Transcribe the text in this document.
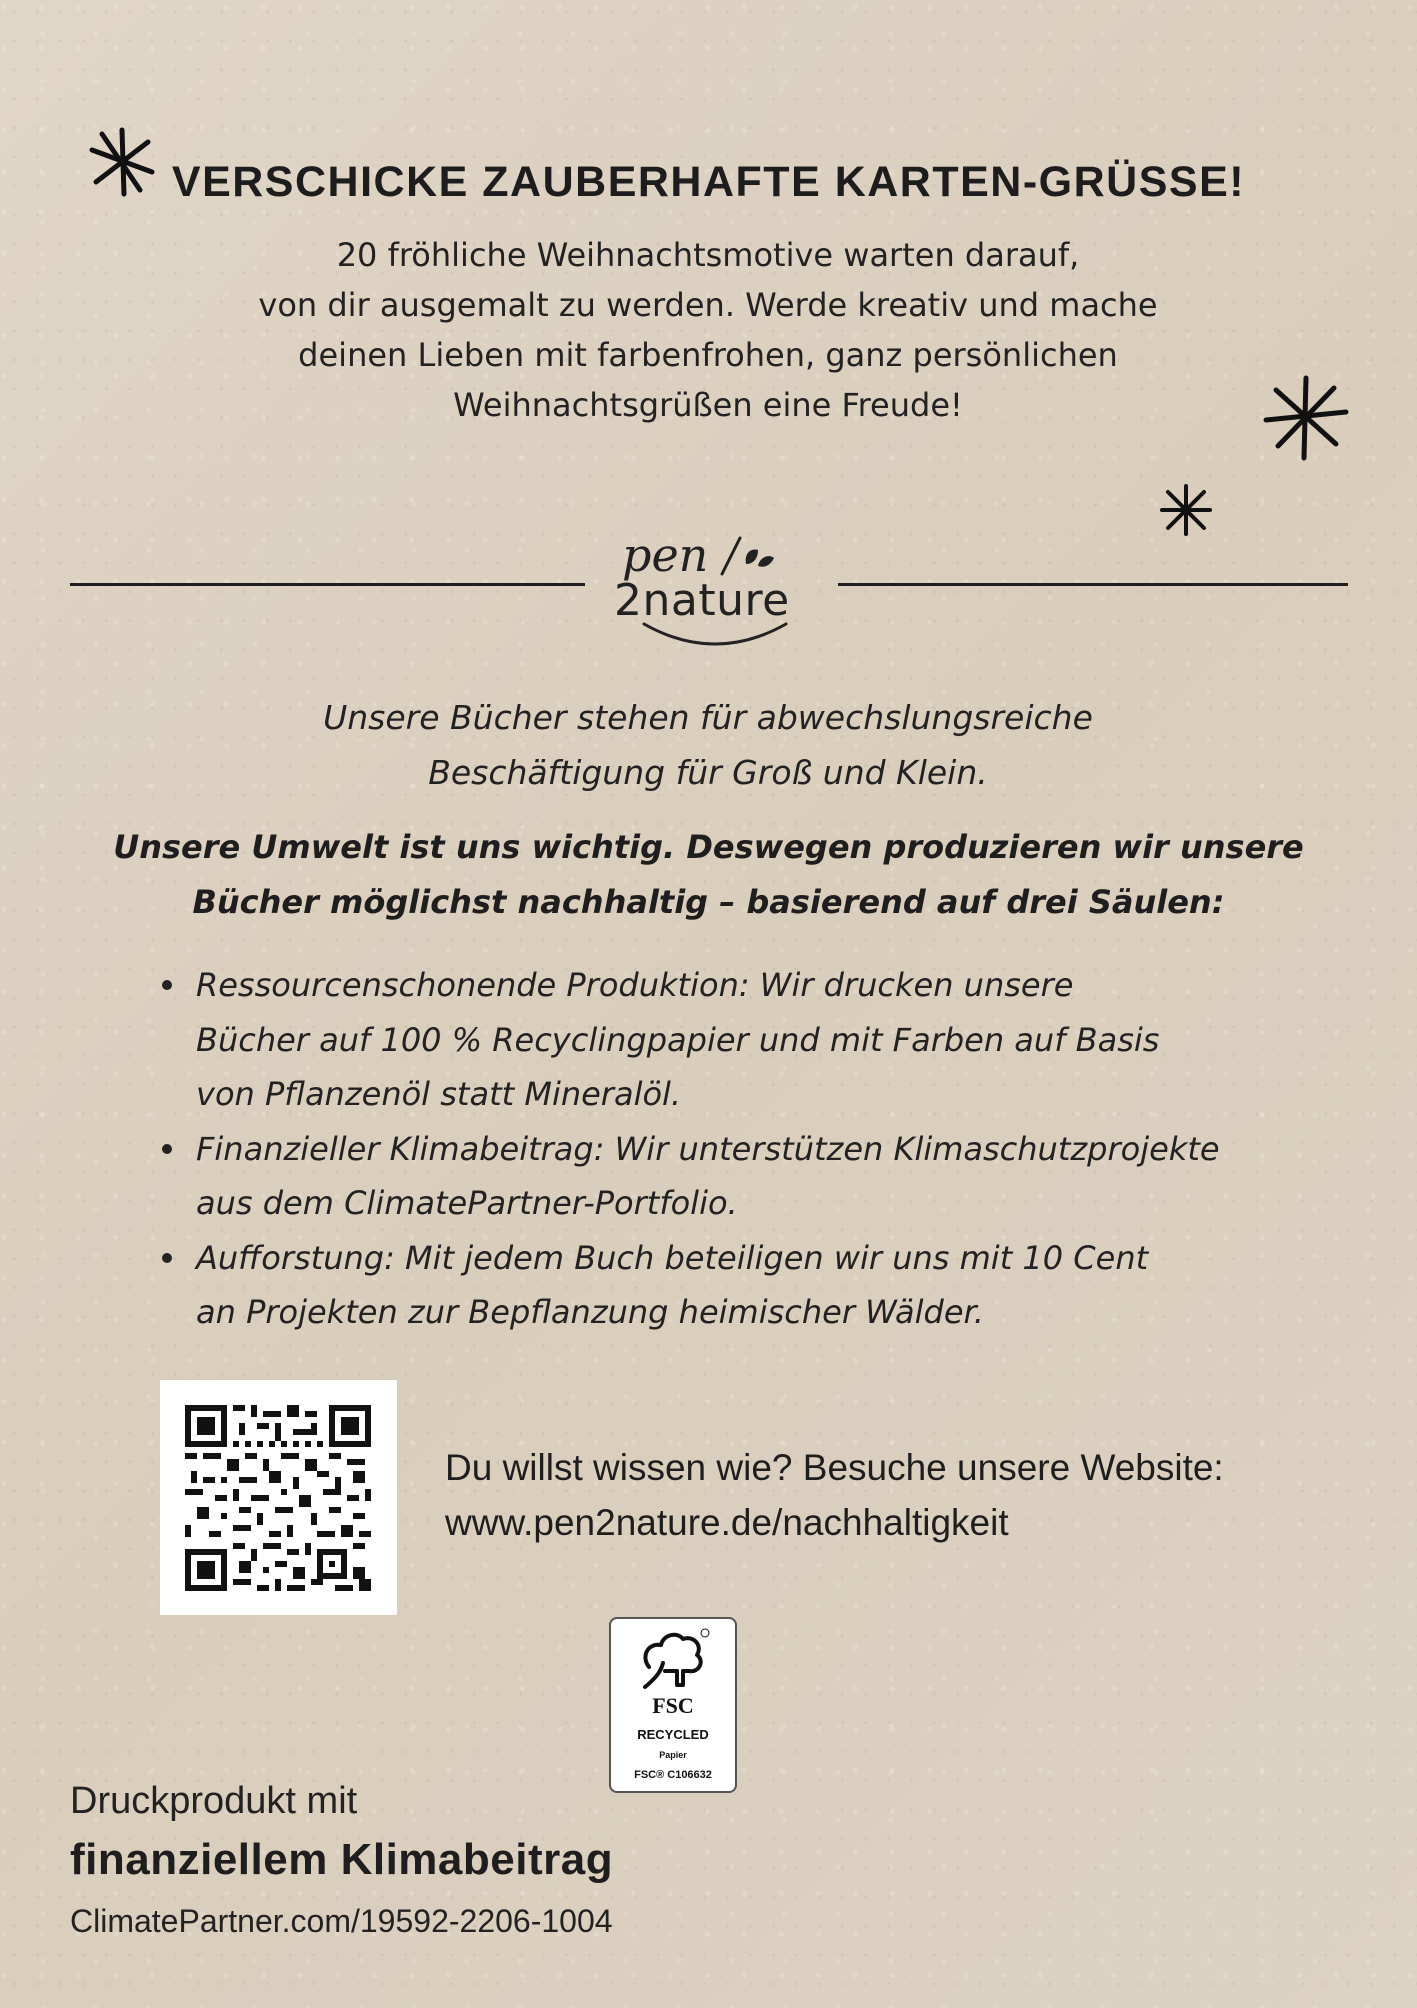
VERSCHICKE ZAUBERHAFTE KARTEN-GRÜSSE!
20 fröhliche Weihnachtsmotive warten darauf,
von dir ausgemalt zu werden. Werde kreativ und mache
deinen Lieben mit farbenfrohen, ganz persönlichen
Weihnachtsgrüßen eine Freude!
pen
2nature
Unsere Bücher stehen für abwechslungsreiche
Beschäftigung für Groß und Klein.
Unsere Umwelt ist uns wichtig. Deswegen produzieren wir unsere
Bücher möglichst nachhaltig – basierend auf drei Säulen:
Ressourcenschonende Produktion: Wir drucken unsere
Bücher auf 100 % Recyclingpapier und mit Farben auf Basis
von Pflanzenöl statt Mineralöl.
Finanzieller Klimabeitrag: Wir unterstützen Klimaschutzprojekte
aus dem ClimatePartner-Portfolio.
Aufforstung: Mit jedem Buch beteiligen wir uns mit 10 Cent
an Projekten zur Bepflanzung heimischer Wälder.
Du willst wissen wie? Besuche unsere Website:
www.pen2nature.de/nachhaltigkeit
FSC
RECYCLED
Papier
FSC® C106632
Druckprodukt mit
finanziellem Klimabeitrag
ClimatePartner.com/19592-2206-1004
